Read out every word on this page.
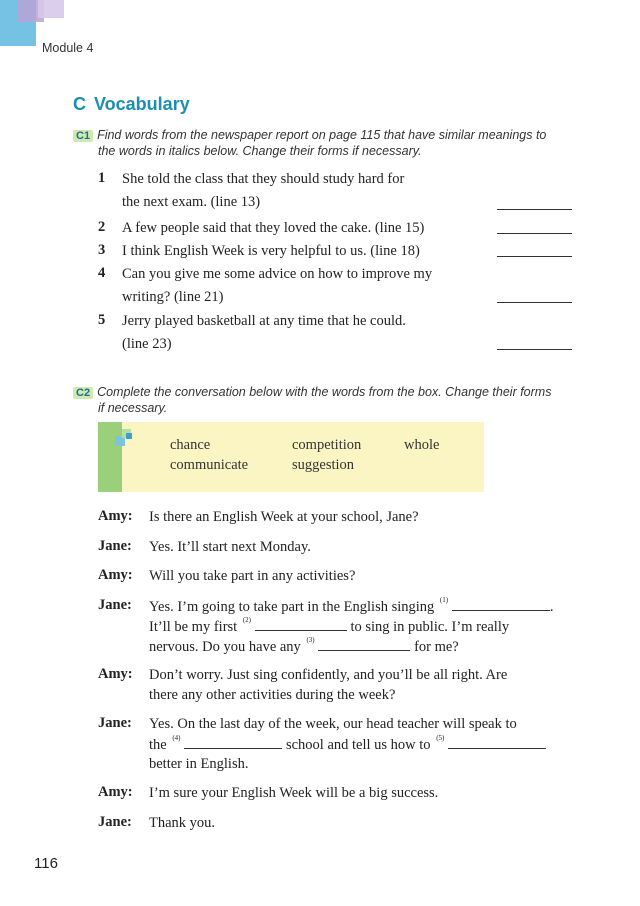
Module 4
C Vocabulary
C1 Find words from the newspaper report on page 115 that have similar meanings to
the words in italics below. Change their forms if necessary.
1 She told the class that they should study hard for
the next exam. (line 13)
2 A few people said that they loved the cake. (line 15)
3 I think English Week is very helpful to us. (line 18)
4 Can you give me some advice on how to improve my
writing? (line 21)
5 Jerry played basketball at any time that he could.
(line 23)
C2 Complete the conversation below with the words from the box. Change their forms
if necessary.
chance	competition	whole
communicate	suggestion
Amy: Is there an English Week at your school, Jane?
Jane: Yes. It’ll start next Monday.
Amy: Will you take part in any activities?
Jane: Yes. I’m going to take part in the English singing (1)	.
It’ll be my first (2)	to sing in public. I’m really
nervous. Do you have any (3)	for me?
Amy: Don’t worry. Just sing confidently, and you’ll be all right. Are
there any other activities during the week?
Jane: Yes. On the last day of the week, our head teacher will speak to
the (4)	school and tell us how to (5)
better in English.
Amy: I’m sure your English Week will be a big success.
Jane: Thank you.
116
